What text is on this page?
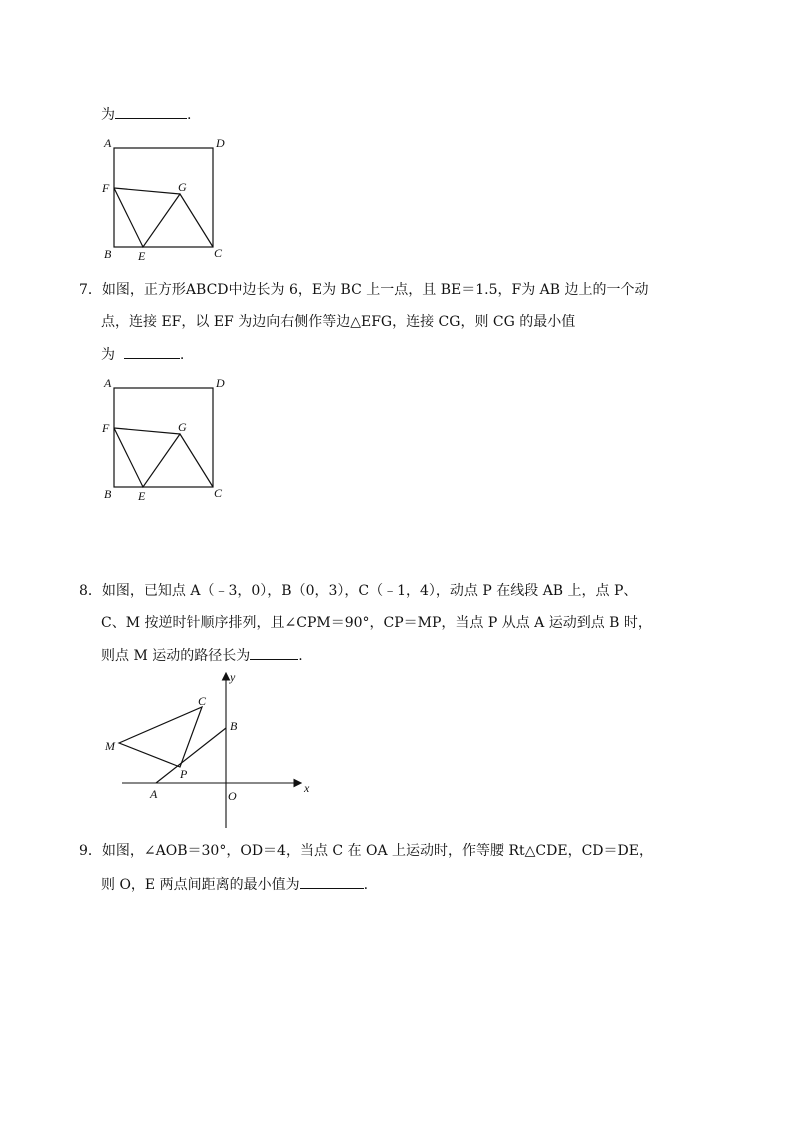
为	.
A	D
F	G
B E	C
7．如图，正方形ABCD中边长为 6，E为 BC 上一点，且 BE＝1.5，F为 AB 边上的一个动
点，连接 EF，以 EF 为边向右侧作等边△EFG，连接 CG，则 CG 的最小值
为	.
A	D
F	G
B E	C
8．如图，已知点 A（﹣3，0），B（0，3），C（﹣1，4），动点 P 在线段 AB 上，点 P、
C、M 按逆时针顺序排列，且∠CPM＝90°，CP＝MP，当点 P 从点 A 运动到点 B 时，
则点 M 运动的路径长为	.
x
y
O
A
B
C
M
P
9．如图，∠AOB＝30°，OD＝4，当点 C 在 OA 上运动时，作等腰 Rt△CDE，CD＝DE，
则 O，E 两点间距离的最小值为	.
